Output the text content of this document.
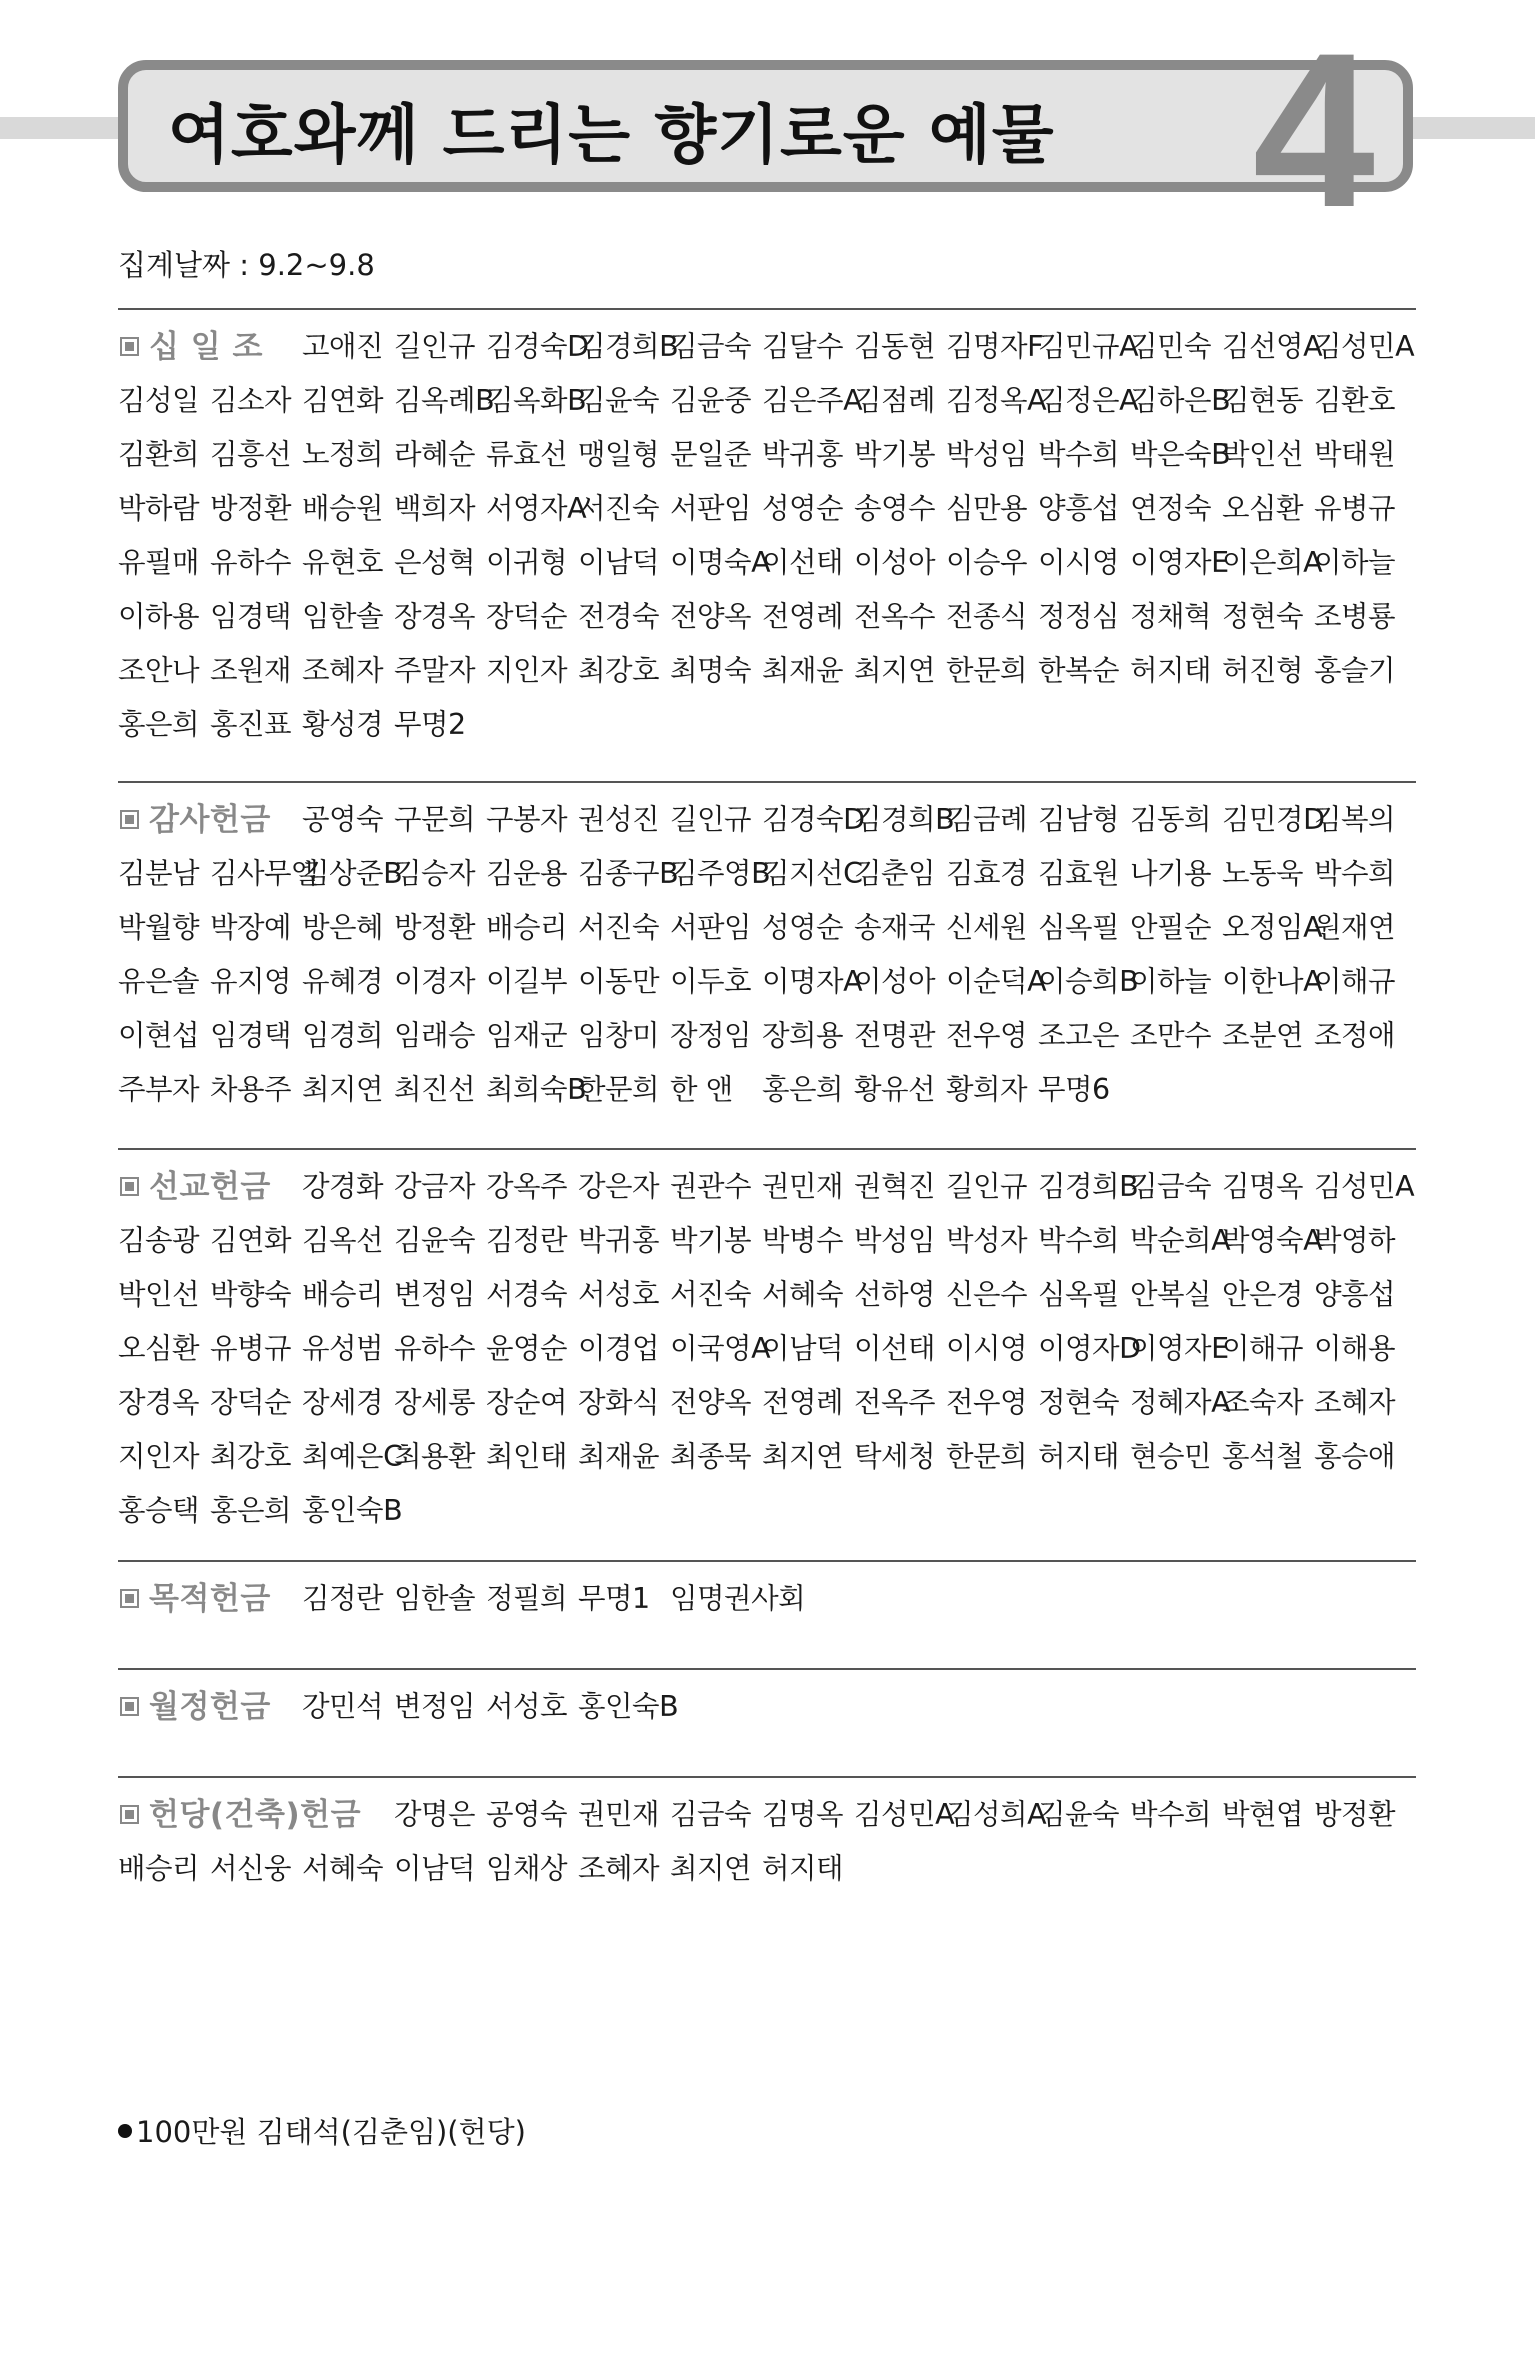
여호와께 드리는 향기로운 예물 4
집계날짜 : 9.2~9.8
십 일 조 고애진 길인규 김경숙D
김경희B
김금숙 김달수 김동현 김명자F
김민규A
김민숙 김선영A
김성민A
김성일 김소자 김연화 김옥례B
김옥화B
김윤숙 김윤중 김은주A
김점례 김정옥A
김정은A
김하은B
김현동 김환호
김환희 김흥선 노정희 라혜순 류효선 맹일형 문일준 박귀홍 박기봉 박성임 박수희 박은숙B
박인선 박태원
박하람 방정환 배승원 백희자 서영자A
서진숙 서판임 성영순 송영수 심만용 양흥섭 연정숙 오심환 유병규
유필매 유하수 유현호 은성혁 이귀형 이남덕 이명숙A
이선태 이성아 이승우 이시영 이영자E
이은희A
이하늘
이하용 임경택 임한솔 장경옥 장덕순 전경숙 전양옥 전영례 전옥수 전종식 정정심 정채혁 정현숙 조병룡
조안나 조원재 조혜자 주말자 지인자 최강호 최명숙 최재윤 최지연 한문희 한복순 허지태 허진형 홍슬기
홍은희 홍진표 황성경 무명2
감사헌금 공영숙 구문희 구봉자 권성진 길인규 김경숙D
김경희B
김금례 김남형 김동희 김민경D
김복의
김분남 김사무엘
김상준B
김승자 김운용 김종구B
김주영B
김지선C
김춘임 김효경 김효원 나기용 노동욱 박수희
박월향 박장예 방은혜 방정환 배승리 서진숙 서판임 성영순 송재국 신세원 심옥필 안필순 오정임A
원재연
유은솔 유지영 유혜경 이경자 이길부 이동만 이두호 이명자A
이성아 이순덕A
이승희B
이하늘 이한나A
이해규
이현섭 임경택 임경희 임래승 임재군 임창미 장정임 장희용 전명관 전우영 조고은 조만수 조분연 조정애
주부자 차용주 최지연 최진선 최희숙B
한문희 한 앤 홍은희 황유선 황희자 무명6
선교헌금 강경화 강금자 강옥주 강은자 권관수 권민재 권혁진 길인규 김경희B
김금숙 김명옥 김성민A
김송광 김연화 김옥선 김윤숙 김정란 박귀홍 박기봉 박병수 박성임 박성자 박수희 박순희A
박영숙A
박영하
박인선 박향숙 배승리 변정임 서경숙 서성호 서진숙 서혜숙 선하영 신은수 심옥필 안복실 안은경 양흥섭
오심환 유병규 유성범 유하수 윤영순 이경업 이국영A
이남덕 이선태 이시영 이영자D
이영자E
이해규 이해용
장경옥 장덕순 장세경 장세롱 장순여 장화식 전양옥 전영례 전옥주 전우영 정현숙 정혜자A
조숙자 조혜자
지인자 최강호 최예은C
최용환 최인태 최재윤 최종묵 최지연 탁세청 한문희 허지태 현승민 홍석철 홍승애
홍승택 홍은희 홍인숙B
목적헌금 김정란 임한솔 정필희 무명1 임명권사회
월정헌금 강민석 변정임 서성호 홍인숙B
헌당(건축)헌금 강명은 공영숙 권민재 김금숙 김명옥 김성민A
김성희A
김윤숙 박수희 박현엽 방정환
배승리 서신웅 서혜숙 이남덕 임채상 조혜자 최지연 허지태
100만원 김태석(김춘임)(헌당)
